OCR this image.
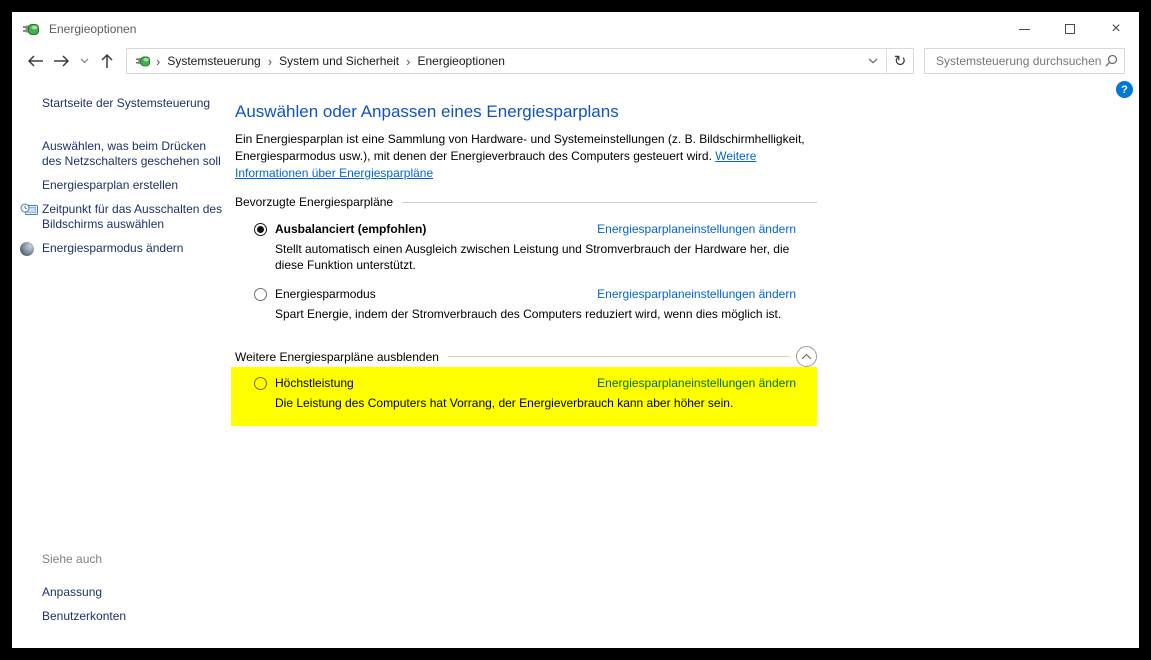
Energieoptionen	×
› Systemsteuerung › System und Sicherheit › Energieoptionen	↻
Systemsteuerung durchsuchen
?
Startseite der Systemsteuerung
Auswählen, was beim Drücken des Netzschalters geschehen soll
Energiesparplan erstellen
Zeitpunkt für das Ausschalten des Bildschirms auswählen
Energiesparmodus ändern
Siehe auch
Anpassung
Benutzerkonten
Auswählen oder Anpassen eines Energiesparplans

Ein Energiesparplan ist eine Sammlung von Hardware- und Systemeinstellungen (z. B. Bildschirmhelligkeit, Energiesparmodus usw.), mit denen der Energieverbrauch des Computers gesteuert wird. Weitere Informationen über Energiesparpläne

Bevorzugte Energiesparpläne
Ausbalanciert (empfohlen)	Energiesparplaneinstellungen ändern
Stellt automatisch einen Ausgleich zwischen Leistung und Stromverbrauch der Hardware her, die diese Funktion unterstützt.
Energiesparmodus	Energiesparplaneinstellungen ändern
Spart Energie, indem der Stromverbrauch des Computers reduziert wird, wenn dies möglich ist.
Weitere Energiesparpläne ausblenden
Höchstleistung	Energiesparplaneinstellungen ändern
Die Leistung des Computers hat Vorrang, der Energieverbrauch kann aber höher sein.
